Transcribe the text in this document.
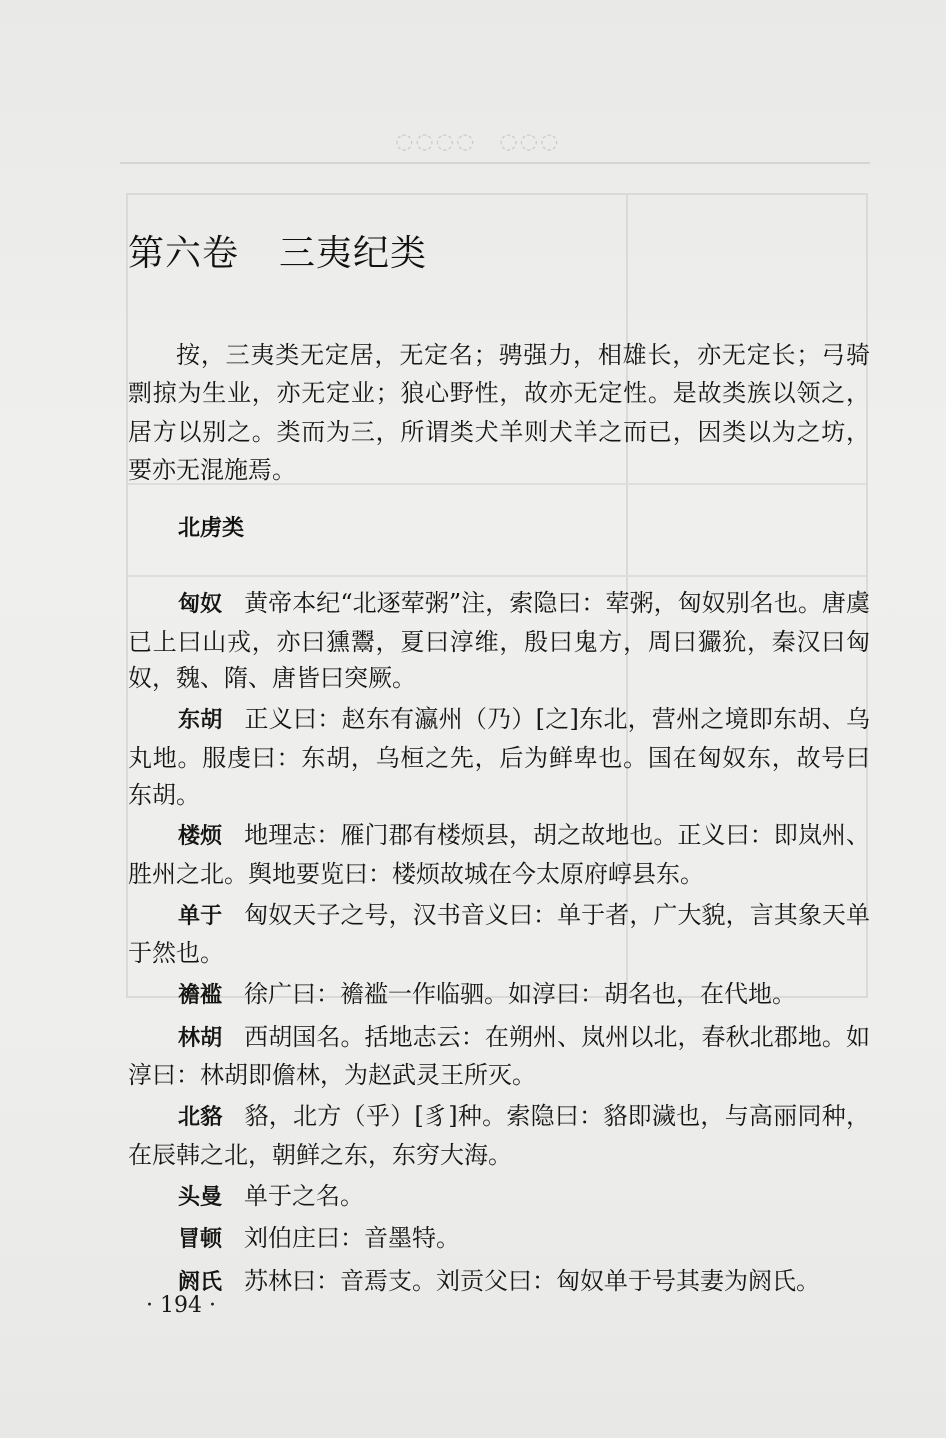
◌◌◌◌　◌◌◌
第六卷 三夷纪类

按，三夷类无定居，无定名；骋强力，相雄长，亦无定长；弓骑剽掠为生业，亦无定业；狼心野性，故亦无定性。是故类族以领之，居方以别之。类而为三，所谓类犬羊则犬羊之而已，因类以为之坊，要亦无混施焉。

北虏类

匈奴 黄帝本纪“北逐荤粥”注，索隐曰：荤粥，匈奴别名也。唐虞已上曰山戎，亦曰獯鬻，夏曰淳维，殷曰鬼方，周曰玁狁，秦汉曰匈奴，魏、隋、唐皆曰突厥。

东胡 正义曰：赵东有瀛州（乃）[之]东北，营州之境即东胡、乌丸地。服虔曰：东胡，乌桓之先，后为鲜卑也。国在匈奴东，故号曰东胡。

楼烦 地理志：雁门郡有楼烦县，胡之故地也。正义曰：即岚州、胜州之北。舆地要览曰：楼烦故城在今太原府崞县东。

单于 匈奴天子之号，汉书音义曰：单于者，广大貌，言其象天单于然也。

襜褴 徐广曰：襜褴一作临驷。如淳曰：胡名也，在代地。

林胡 西胡国名。括地志云：在朔州、岚州以北，春秋北郡地。如淳曰：林胡即儋林，为赵武灵王所灭。

北貉 貉，北方（乎）[豸]种。索隐曰：貉即濊也，与高丽同种，在辰韩之北，朝鲜之东，东穷大海。

头曼 单于之名。

冒顿 刘伯庄曰：音墨特。

阏氏 苏林曰：音焉支。刘贡父曰：匈奴单于号其妻为阏氏。

· 194 ·
